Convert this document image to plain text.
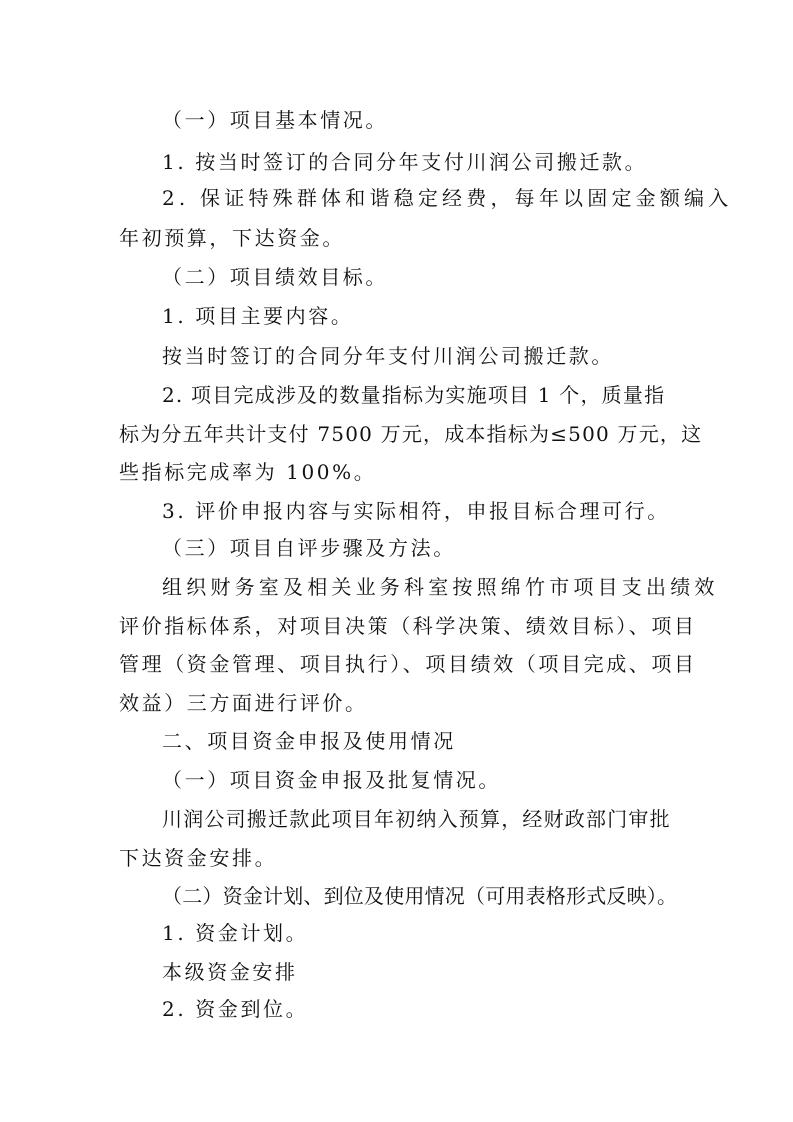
（一）项目基本情况。
1. 按当时签订的合同分年支付川润公司搬迁款。
2. 保证特殊群体和谐稳定经费，每年以固定金额编入
年初预算，下达资金。
（二）项目绩效目标。
1. 项目主要内容。
按当时签订的合同分年支付川润公司搬迁款。
2. 项目完成涉及的数量指标为实施项目 1 个，质量指
标为分五年共计支付 7500 万元，成本指标为≤500 万元，这
些指标完成率为 100%。
3. 评价申报内容与实际相符，申报目标合理可行。
（三）项目自评步骤及方法。
组织财务室及相关业务科室按照绵竹市项目支出绩效
评价指标体系，对项目决策（科学决策、绩效目标）、项目
管理（资金管理、项目执行）、项目绩效（项目完成、项目
效益）三方面进行评价。
二、项目资金申报及使用情况
（一）项目资金申报及批复情况。
川润公司搬迁款此项目年初纳入预算，经财政部门审批
下达资金安排。
（二）资金计划、到位及使用情况（可用表格形式反映）。
1. 资金计划。
本级资金安排
2. 资金到位。
